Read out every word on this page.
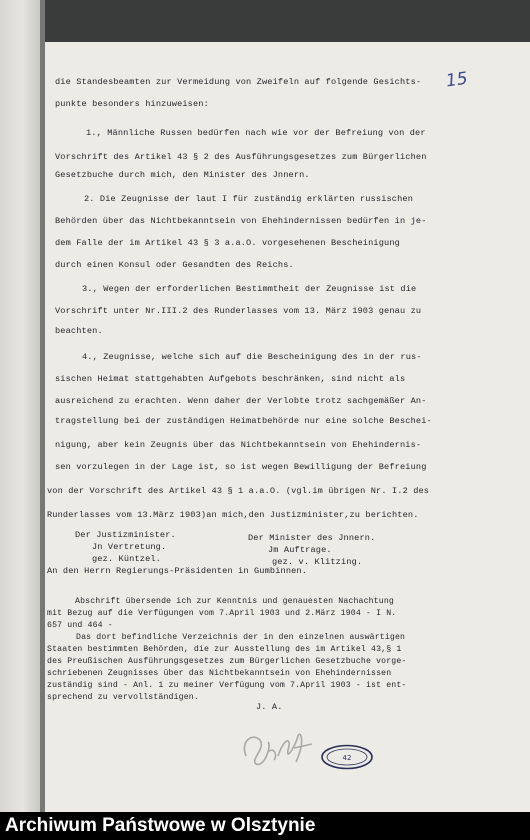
15
die Standesbeamten zur Vermeidung von Zweifeln auf folgende Gesichts-
punkte besonders hinzuweisen:
1., Männliche Russen bedürfen nach wie vor der Befreiung von der
Vorschrift des Artikel 43 § 2 des Ausführungsgesetzes zum Bürgerlichen
Gesetzbuche durch mich, den Minister des Jnnern.
2. Die Zeugnisse der laut I für zuständig erklärten russischen
Behörden über das Nichtbekanntsein von Ehehindernissen bedürfen in je-
dem Falle der im Artikel 43 § 3 a.a.O. vorgesehenen Bescheinigung
durch einen Konsul oder Gesandten des Reichs.
3., Wegen der erforderlichen Bestimmtheit der Zeugnisse ist die
Vorschrift unter Nr.III.2 des Runderlasses vom 13. März 1903 genau zu
beachten.
4., Zeugnisse, welche sich auf die Bescheinigung des in der rus-
sischen Heimat stattgehabten Aufgebots beschränken, sind nicht als
ausreichend zu erachten. Wenn daher der Verlobte trotz sachgemäßer An-
tragstellung bei der zuständigen Heimatbehörde nur eine solche Beschei-
nigung, aber kein Zeugnis über das Nichtbekanntsein von Ehehindernis-
sen vorzulegen in der Lage ist, so ist wegen Bewilligung der Befreiung
von der Vorschrift des Artikel 43 § 1 a.a.O. (vgl.im übrigen Nr. I.2 des
Runderlasses vom 13.März 1903)an mich,den Justizminister,zu berichten.
Der Justizminister.
Jn Vertretung.
gez. Küntzel.
Der Minister des Jnnern.
Jm Auftrage.
gez. v. Klitzing.
An den Herrn Regierungs-Präsidenten in Gumbinnen.
Abschrift übersende ich zur Kenntnis und genauesten Nachachtung
mit Bezug auf die Verfügungen vom 7.April 1903 und 2.März 1904 - I N.
657 und 464 -
Das dort befindliche Verzeichnis der in den einzelnen auswärtigen
Staaten bestimmten Behörden, die zur Ausstellung des im Artikel 43,§ 1
des Preußischen Ausführungsgesetzes zum Bürgerlichen Gesetzbuche vorge-
schriebenen Zeugnisses über das Nichtbekanntsein von Ehehindernissen
zuständig sind - Anl. 1 zu meiner Verfügung vom 7.April 1903 - ist ent-
sprechend zu vervollständigen.
J. A.
42
Archiwum Państwowe w Olsztynie
